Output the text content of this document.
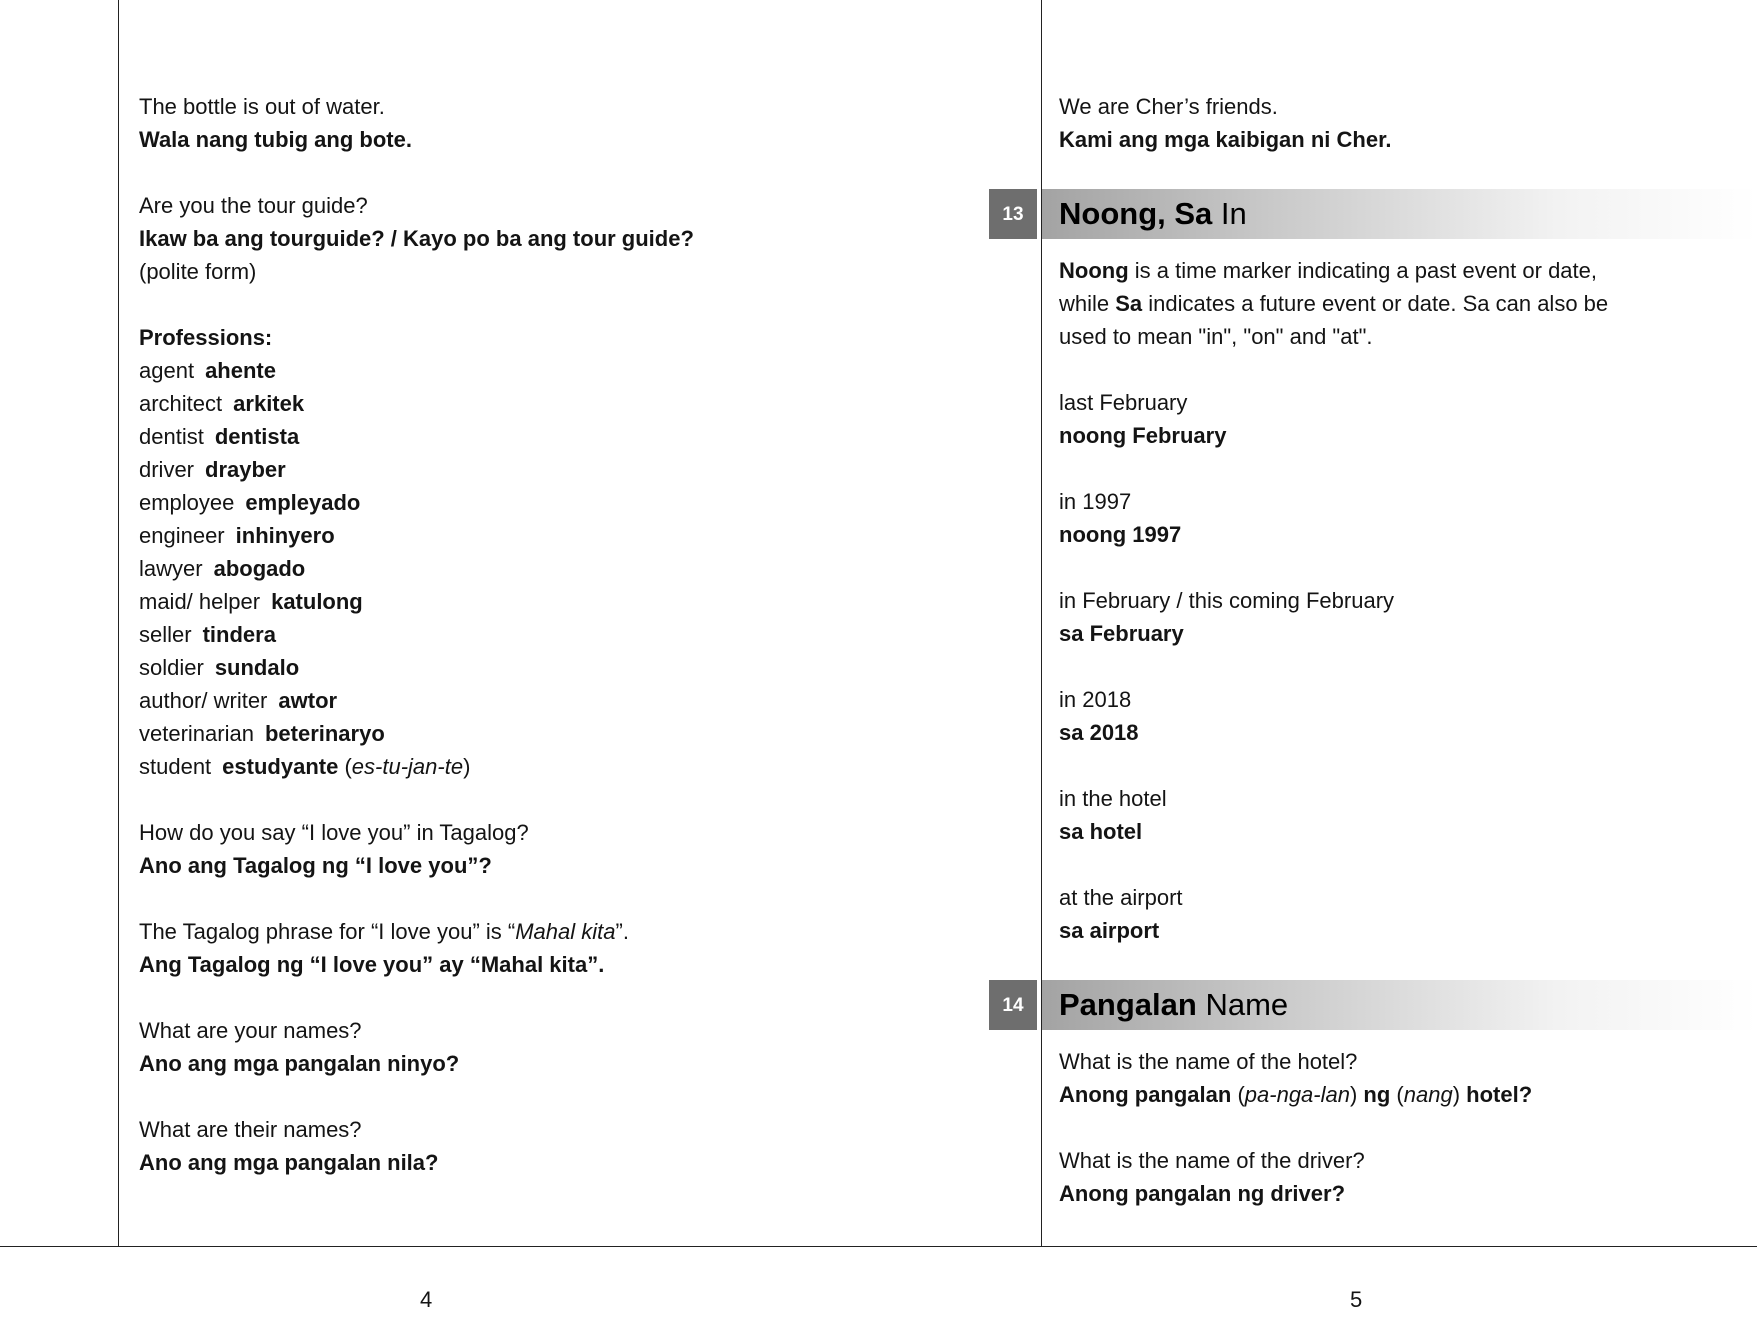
The bottle is out of water.
Wala nang tubig ang bote.
Are you the tour guide?
Ikaw ba ang tourguide? / Kayo po ba ang tour guide?
(polite form)
Professions:
agent ahente
architect arkitek
dentist dentista
driver drayber
employee empleyado
engineer inhinyero
lawyer abogado
maid/ helper katulong
seller tindera
soldier sundalo
author/ writer awtor
veterinarian beterinaryo
student estudyante (es-tu-jan-te)
How do you say “I love you” in Tagalog?
Ano ang Tagalog ng “I love you”?
The Tagalog phrase for “I love you” is “Mahal kita”.
Ang Tagalog ng “I love you” ay “Mahal kita”.
What are your names?
Ano ang mga pangalan ninyo?
What are their names?
Ano ang mga pangalan nila?
We are Cher’s friends.
Kami ang mga kaibigan ni Cher.
13	Noong, Sa In
Noong is a time marker indicating a past event or date, while Sa indicates a future event or date. Sa can also be used to mean "in", "on" and "at".
last February
noong February
in 1997
noong 1997
in February / this coming February
sa February
in 2018
sa 2018
in the hotel
sa hotel
at the airport
sa airport
14	Pangalan Name
What is the name of the hotel?
Anong pangalan (pa-nga-lan) ng (nang) hotel?
What is the name of the driver?
Anong pangalan ng driver?
4	5
